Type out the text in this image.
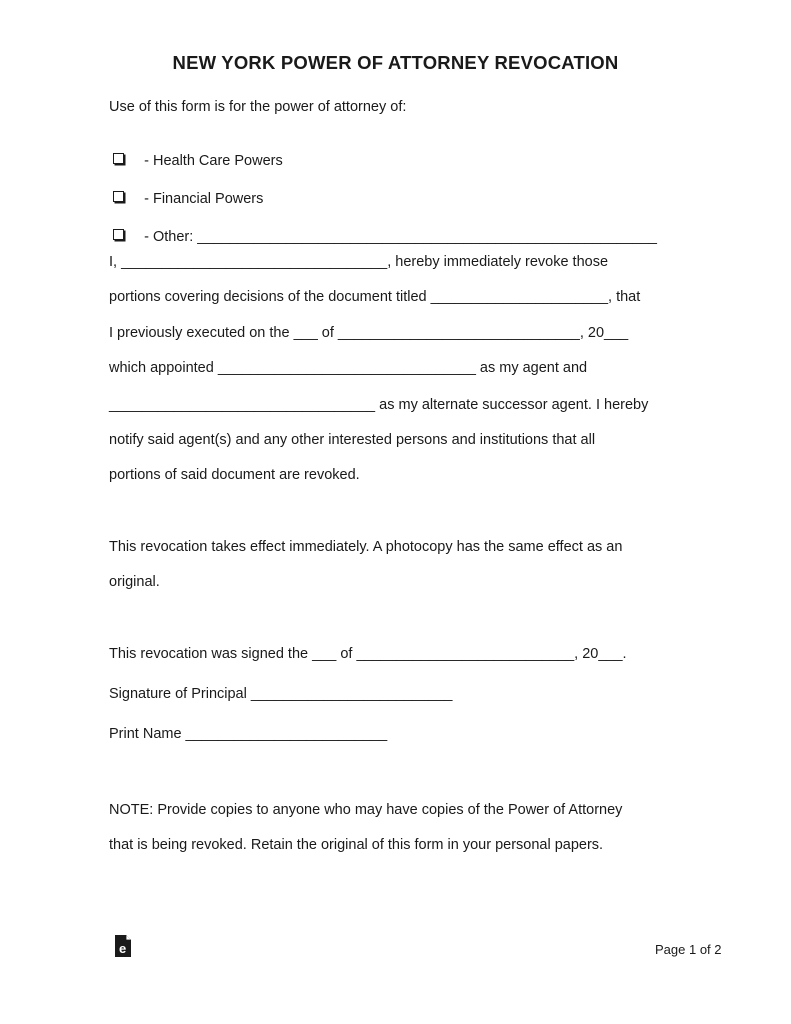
NEW YORK POWER OF ATTORNEY REVOCATION
Use of this form is for the power of attorney of:

- Health Care Powers

- Financial Powers

- Other: _________________________________________________________

I, _________________________________, hereby immediately revoke those
portions covering decisions of the document titled ______________________, that
I previously executed on the ___ of ______________________________, 20___
which appointed ________________________________ as my agent and
_________________________________ as my alternate successor agent. I hereby
notify said agent(s) and any other interested persons and institutions that all
portions of said document are revoked.
This revocation takes effect immediately. A photocopy has the same effect as an
original.
This revocation was signed the ___ of ___________________________, 20___.
Signature of Principal _________________________
Print Name _________________________
NOTE: Provide copies to anyone who may have copies of the Power of Attorney
that is being revoked. Retain the original of this form in your personal papers.
e	Page 1 of 2
